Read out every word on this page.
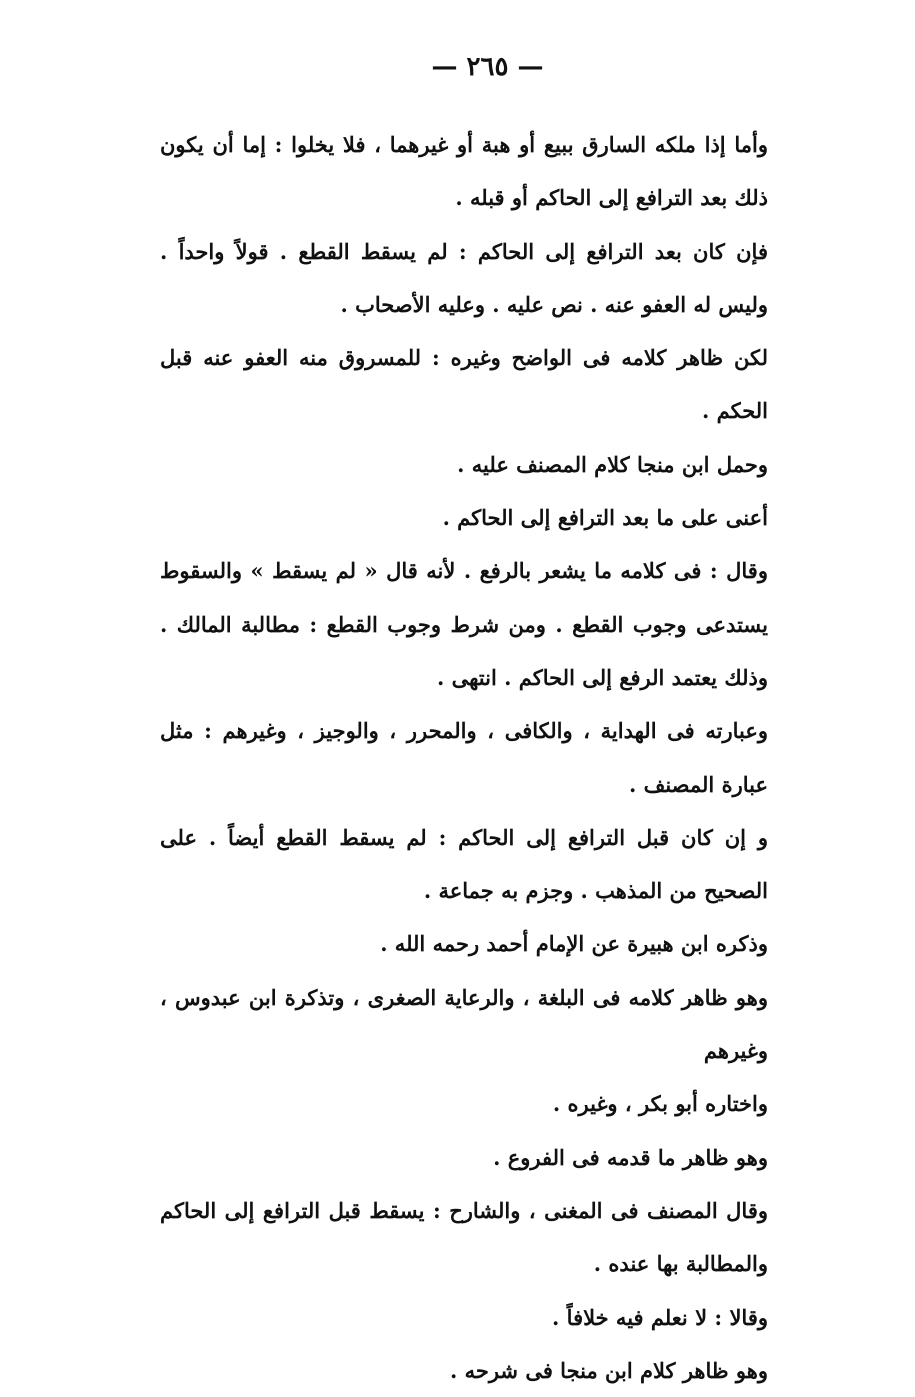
— ٢٦٥ —

وأما إذا ملكه السارق ببيع أو هبة أو غيرهما ، فلا يخلوا : إما أن يكون ذلك بعد الترافع إلى الحاكم أو قبله .

فإن كان بعد الترافع إلى الحاكم : لم يسقط القطع . قولاً واحداً . وليس له العفو عنه . نص عليه . وعليه الأصحاب .

لكن ظاهر كلامه فى الواضح وغيره : للمسروق منه العفو عنه قبل الحكم .

وحمل ابن منجا كلام المصنف عليه .

أعنى على ما بعد الترافع إلى الحاكم .

وقال : فى كلامه ما يشعر بالرفع . لأنه قال « لم يسقط » والسقوط يستدعى وجوب القطع . ومن شرط وجوب القطع : مطالبة المالك . وذلك يعتمد الرفع إلى الحاكم . انتهى .

وعبارته فى الهداية ، والكافى ، والمحرر ، والوجيز ، وغيرهم : مثل عبارة المصنف .

و إن كان قبل الترافع إلى الحاكم : لم يسقط القطع أيضاً . على الصحيح من المذهب . وجزم به جماعة .

وذكره ابن هبيرة عن الإمام أحمد رحمه الله .

وهو ظاهر كلامه فى البلغة ، والرعاية الصغرى ، وتذكرة ابن عبدوس ، وغيرهم

واختاره أبو بكر ، وغيره .

وهو ظاهر ما قدمه فى الفروع .

وقال المصنف فى المغنى ، والشارح : يسقط قبل الترافع إلى الحاكم والمطالبة بها عنده .

وقالا : لا نعلم فيه خلافاً .

وهو ظاهر كلام ابن منجا فى شرحه .
